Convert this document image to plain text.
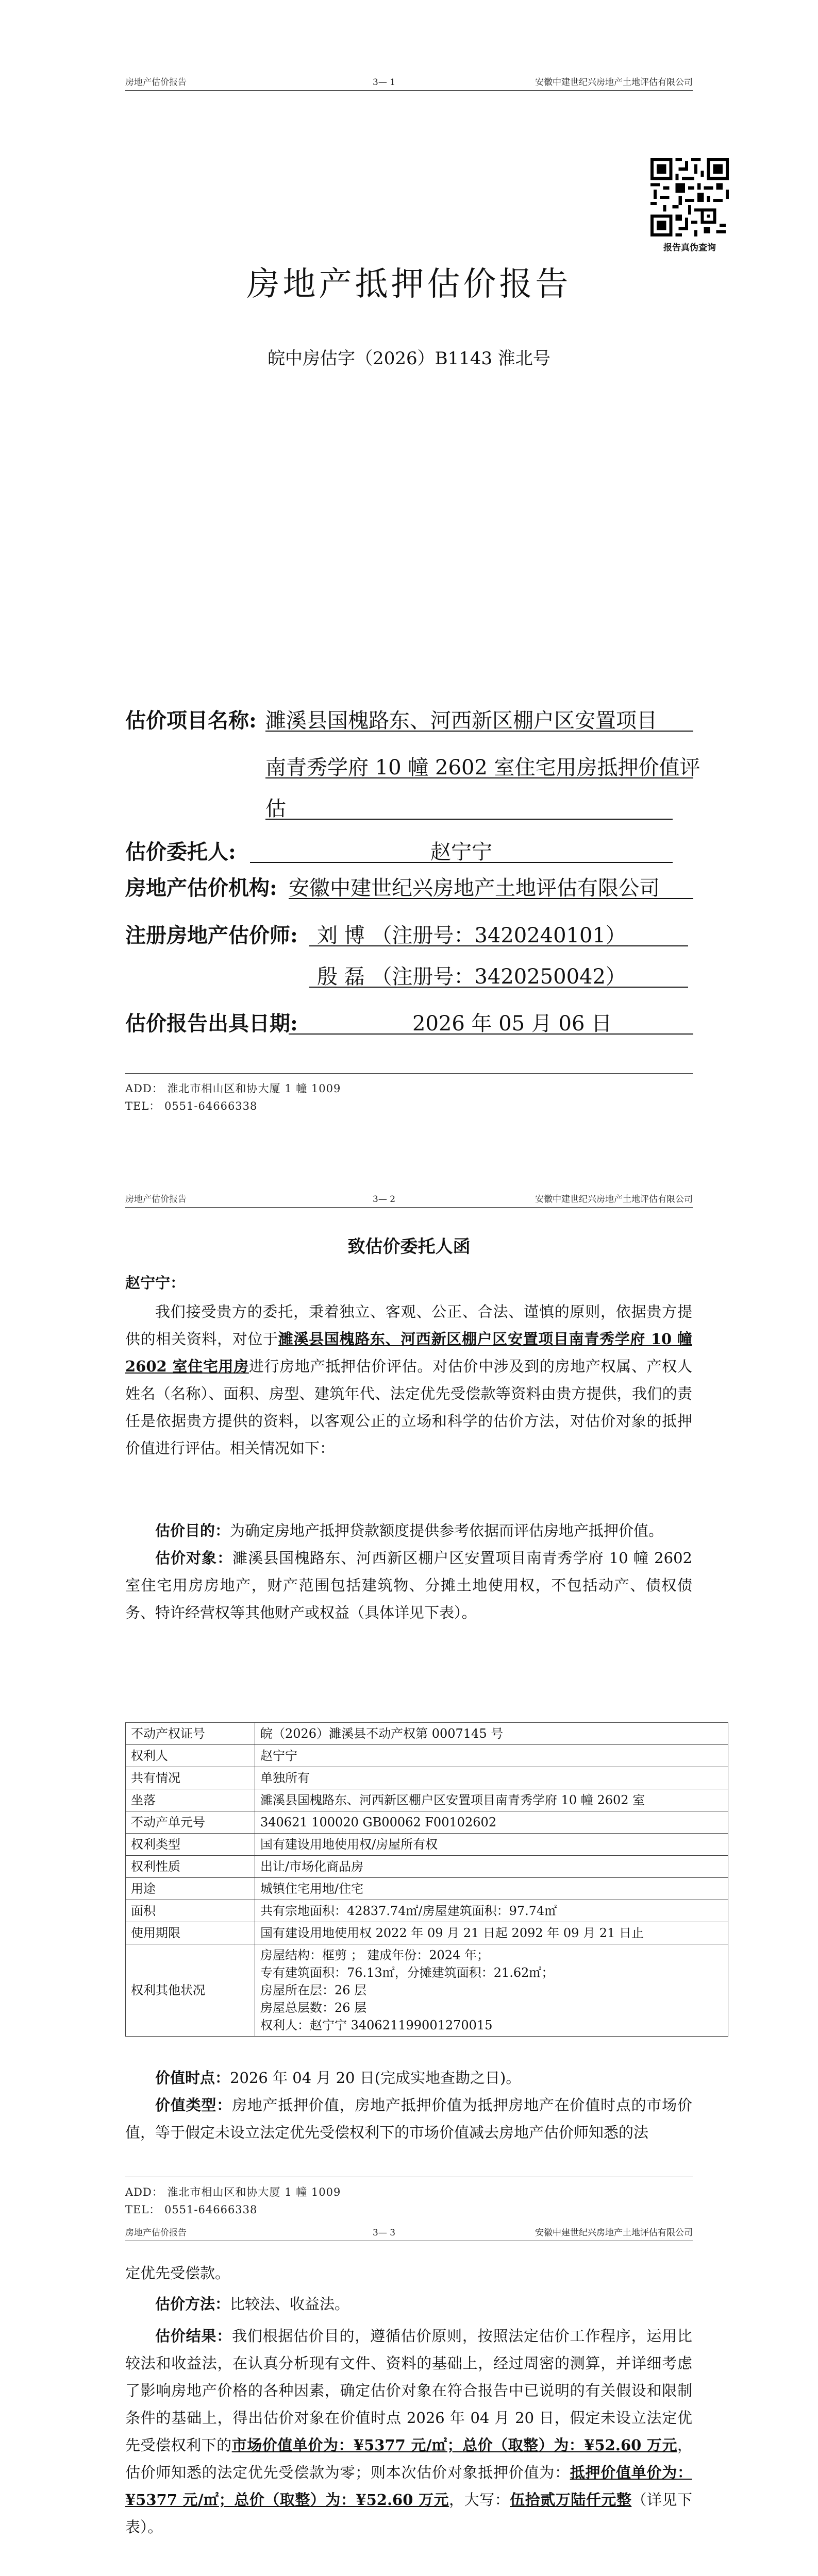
房地产估价报告	3— 1	安徽中建世纪兴房地产土地评估有限公司
报告真伪查询
房地产抵押估价报告
皖中房估字（2026）B1143 淮北号
估价项目名称: 濉溪县国槐路东、河西新区棚户区安置项目
南青秀学府 10 幢 2602 室住宅用房抵押价值评
估
估价委托人:	赵宁宁
房地产估价机构: 安徽中建世纪兴房地产土地评估有限公司
注册房地产估价师: 刘 博 （注册号：3420240101）
殷 磊 （注册号：3420250042）
估价报告出具日期:	2026 年 05 月 06 日
ADD： 淮北市相山区和协大厦 1 幢 1009
TEL： 0551-64666338
房地产估价报告	3— 2	安徽中建世纪兴房地产土地评估有限公司
致估价委托人函
赵宁宁：
我们接受贵方的委托，秉着独立、客观、公正、合法、谨慎的原则，依据贵方提供的相关资料，对位于濉溪县国槐路东、河西新区棚户区安置项目南青秀学府 10 幢 2602 室住宅用房进行房地产抵押估价评估。对估价中涉及到的房地产权属、产权人姓名（名称）、面积、房型、建筑年代、法定优先受偿款等资料由贵方提供，我们的责任是依据贵方提供的资料，以客观公正的立场和科学的估价方法，对估价对象的抵押价值进行评估。相关情况如下：
估价目的：为确定房地产抵押贷款额度提供参考依据而评估房地产抵押价值。
估价对象：濉溪县国槐路东、河西新区棚户区安置项目南青秀学府 10 幢 2602 室住宅用房房地产，财产范围包括建筑物、分摊土地使用权，不包括动产、债权债务、特许经营权等其他财产或权益（具体详见下表）。
不动产权证号	皖（2026）濉溪县不动产权第 0007145 号
权利人	赵宁宁
共有情况	单独所有
坐落	濉溪县国槐路东、河西新区棚户区安置项目南青秀学府 10 幢 2602 室
不动产单元号	340621 100020 GB00062 F00102602
权利类型	国有建设用地使用权/房屋所有权
权利性质	出让/市场化商品房
用途	城镇住宅用地/住宅
面积	共有宗地面积：42837.74㎡/房屋建筑面积：97.74㎡
使用期限	国有建设用地使用权 2022 年 09 月 21 日起 2092 年 09 月 21 日止
权利其他状况	房屋结构：框剪 ； 建成年份：2024 年；
专有建筑面积：76.13㎡，分摊建筑面积：21.62㎡；
房屋所在层：26 层
房屋总层数：26 层
权利人：赵宁宁 340621199001270015
价值时点：2026 年 04 月 20 日(完成实地查勘之日)。
价值类型：房地产抵押价值，房地产抵押价值为抵押房地产在价值时点的市场价值，等于假定未设立法定优先受偿权利下的市场价值减去房地产估价师知悉的法
ADD： 淮北市相山区和协大厦 1 幢 1009
TEL： 0551-64666338
房地产估价报告	3— 3	安徽中建世纪兴房地产土地评估有限公司
定优先受偿款。
估价方法：比较法、收益法。
估价结果：我们根据估价目的，遵循估价原则，按照法定估价工作程序，运用比较法和收益法，在认真分析现有文件、资料的基础上，经过周密的测算，并详细考虑了影响房地产价格的各种因素，确定估价对象在符合报告中已说明的有关假设和限制条件的基础上，得出估价对象在价值时点 2026 年 04 月 20 日，假定未设立法定优先受偿权利下的市场价值单价为：¥5377 元/㎡；总价（取整）为：¥52.60 万元，估价师知悉的法定优先受偿款为零；则本次估价对象抵押价值为：抵押价值单价为：¥5377 元/㎡；总价（取整）为：¥52.60 万元，大写：伍拾贰万陆仟元整（详见下表）。
